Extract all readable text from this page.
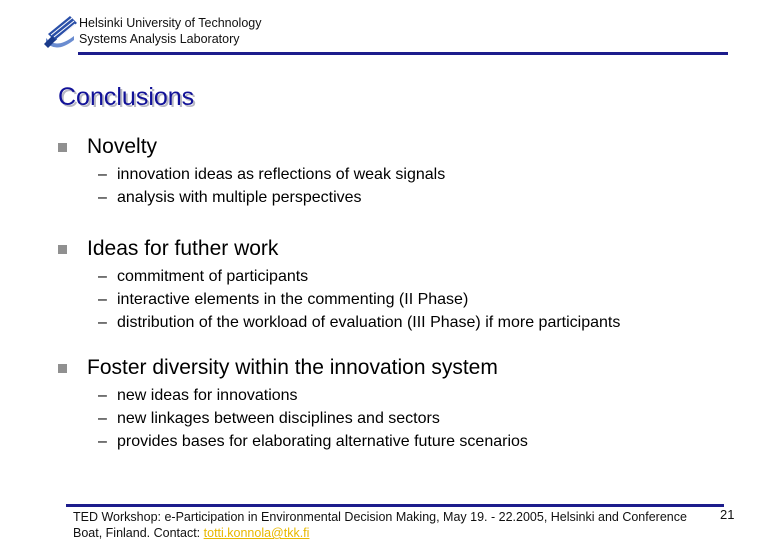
Helsinki University of Technology
Systems Analysis Laboratory
Conclusions
Novelty
– innovation ideas as reflections of weak signals
– analysis with multiple perspectives
Ideas for futher work
– commitment of participants
– interactive elements in the commenting (II Phase)
– distribution of the workload of evaluation (III Phase) if more participants
Foster diversity within the innovation system
– new ideas for innovations
– new linkages between disciplines and sectors
– provides bases for elaborating alternative future scenarios
TED Workshop: e-Participation in Environmental Decision Making, May 19. - 22.2005, Helsinki and Conference Boat, Finland. Contact: totti.konnola@tkk.fi
21
